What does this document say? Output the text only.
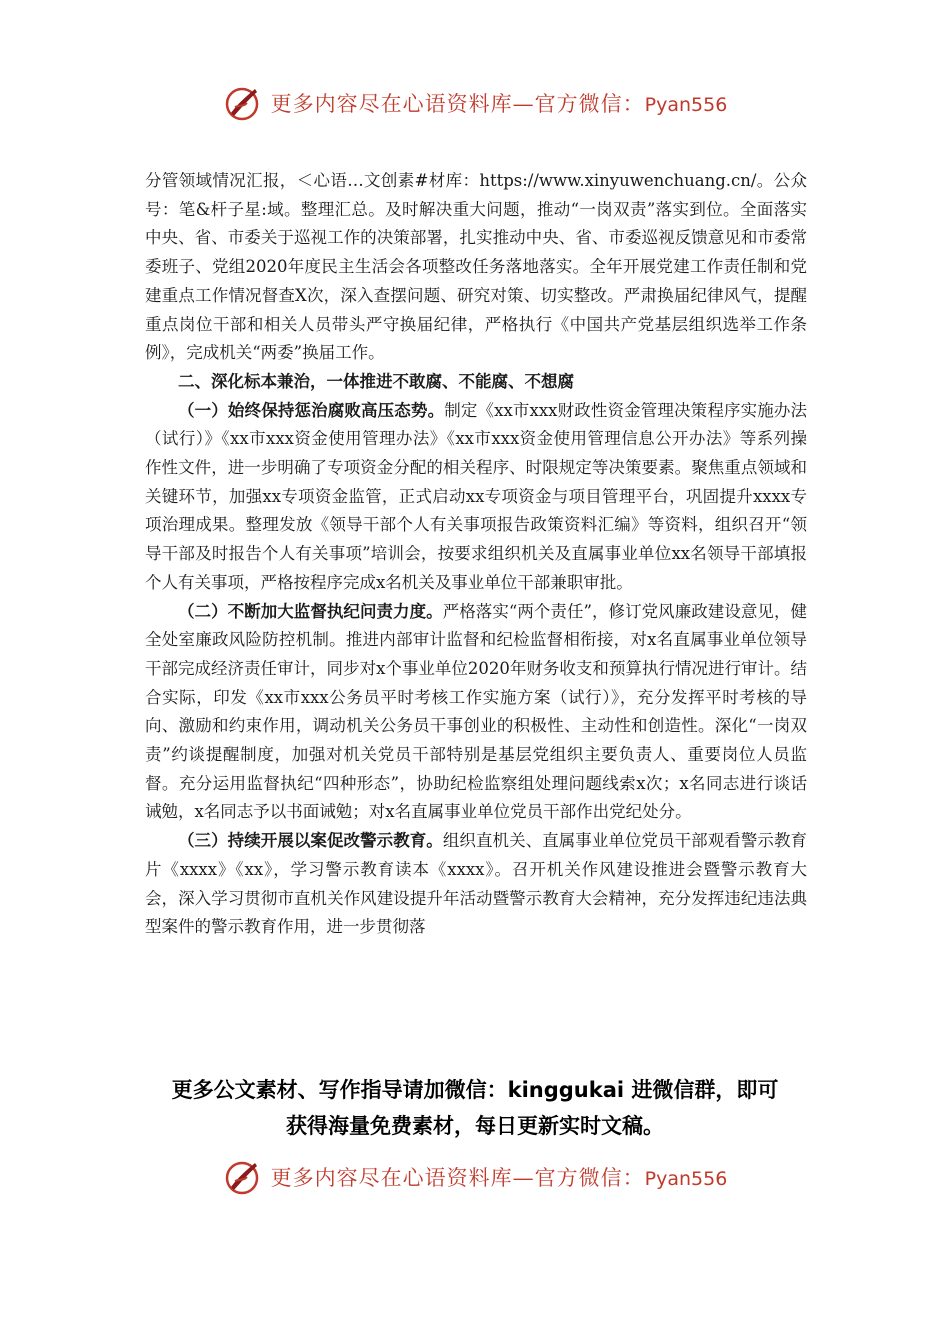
更多内容尽在心语资料库—官方微信：Pyan556

分管领域情况汇报，＜心语…文创素#材库：https://www.xinyuwenchuang.cn/。公众号：笔&杆子星:域。整理汇总。及时解决重大问题，推动“一岗双责”落实到位。全面落实中央、省、市委关于巡视工作的决策部署，扎实推动中央、省、市委巡视反馈意见和市委常委班子、党组2020年度民主生活会各项整改任务落地落实。全年开展党建工作责任制和党建重点工作情况督查X次，深入查摆问题、研究对策、切实整改。严肃换届纪律风气，提醒重点岗位干部和相关人员带头严守换届纪律，严格执行《中国共产党基层组织选举工作条例》，完成机关“两委”换届工作。

二、深化标本兼治，一体推进不敢腐、不能腐、不想腐

（一）始终保持惩治腐败高压态势。制定《xx市xxx财政性资金管理决策程序实施办法（试行）》《xx市xxx资金使用管理办法》《xx市xxx资金使用管理信息公开办法》等系列操作性文件，进一步明确了专项资金分配的相关程序、时限规定等决策要素。聚焦重点领域和关键环节，加强xx专项资金监管，正式启动xx专项资金与项目管理平台，巩固提升xxxx专项治理成果。整理发放《领导干部个人有关事项报告政策资料汇编》等资料，组织召开“领导干部及时报告个人有关事项”培训会，按要求组织机关及直属事业单位xx名领导干部填报个人有关事项，严格按程序完成x名机关及事业单位干部兼职审批。

（二）不断加大监督执纪问责力度。严格落实“两个责任”，修订党风廉政建设意见，健全处室廉政风险防控机制。推进内部审计监督和纪检监督相衔接，对x名直属事业单位领导干部完成经济责任审计，同步对x个事业单位2020年财务收支和预算执行情况进行审计。结合实际，印发《xx市xxx公务员平时考核工作实施方案（试行）》，充分发挥平时考核的导向、激励和约束作用，调动机关公务员干事创业的积极性、主动性和创造性。深化“一岗双责”约谈提醒制度，加强对机关党员干部特别是基层党组织主要负责人、重要岗位人员监督。充分运用监督执纪“四种形态”，协助纪检监察组处理问题线索x次；x名同志进行谈话诫勉，x名同志予以书面诫勉；对x名直属事业单位党员干部作出党纪处分。

（三）持续开展以案促改警示教育。组织直机关、直属事业单位党员干部观看警示教育片《xxxx》《xx》，学习警示教育读本《xxxx》。召开机关作风建设推进会暨警示教育大会，深入学习贯彻市直机关作风建设提升年活动暨警示教育大会精神，充分发挥违纪违法典型案件的警示教育作用，进一步贯彻落

更多公文素材、写作指导请加微信：kinggukai 进微信群，即可
获得海量免费素材，每日更新实时文稿。
更多内容尽在心语资料库—官方微信：Pyan556
